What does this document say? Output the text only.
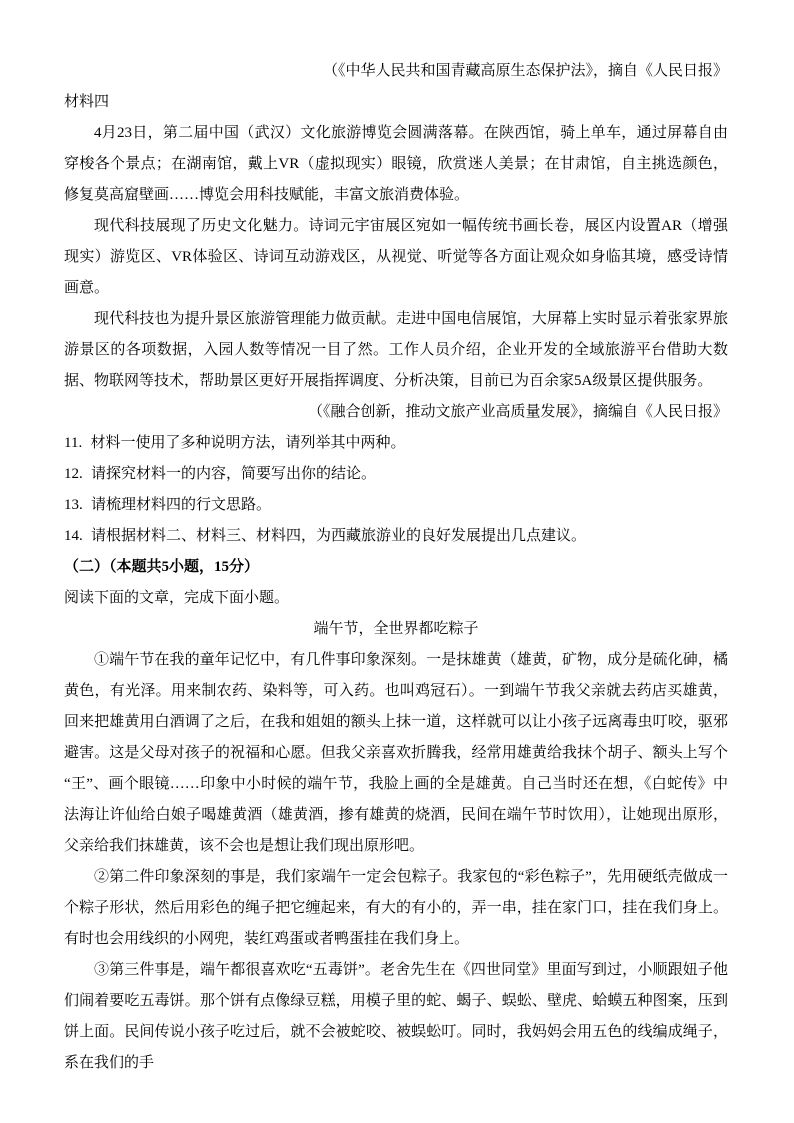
（《中华人民共和国青藏高原生态保护法》，摘自《人民日报》

材料四

4月23日，第二届中国（武汉）文化旅游博览会圆满落幕。在陕西馆，骑上单车，通过屏幕自由穿梭各个景点；在湖南馆，戴上VR（虚拟现实）眼镜，欣赏迷人美景；在甘肃馆，自主挑选颜色，修复莫高窟壁画……博览会用科技赋能，丰富文旅消费体验。

现代科技展现了历史文化魅力。诗词元宇宙展区宛如一幅传统书画长卷，展区内设置AR（增强现实）游览区、VR体验区、诗词互动游戏区，从视觉、听觉等各方面让观众如身临其境，感受诗情画意。

现代科技也为提升景区旅游管理能力做贡献。走进中国电信展馆，大屏幕上实时显示着张家界旅游景区的各项数据，入园人数等情况一目了然。工作人员介绍，企业开发的全域旅游平台借助大数据、物联网等技术，帮助景区更好开展指挥调度、分析决策，目前已为百余家5A级景区提供服务。

（《融合创新，推动文旅产业高质量发展》，摘编自《人民日报》

11. 材料一使用了多种说明方法，请列举其中两种。

12. 请探究材料一的内容，简要写出你的结论。

13. 请梳理材料四的行文思路。

14. 请根据材料二、材料三、材料四，为西藏旅游业的良好发展提出几点建议。

（二）（本题共5小题，15分）

阅读下面的文章，完成下面小题。

端午节，全世界都吃粽子

①端午节在我的童年记忆中，有几件事印象深刻。一是抹雄黄（雄黄，矿物，成分是硫化砷，橘黄色，有光泽。用来制农药、染料等，可入药。也叫鸡冠石）。一到端午节我父亲就去药店买雄黄，回来把雄黄用白酒调了之后，在我和姐姐的额头上抹一道，这样就可以让小孩子远离毒虫叮咬，驱邪避害。这是父母对孩子的祝福和心愿。但我父亲喜欢折腾我，经常用雄黄给我抹个胡子、额头上写个“王”、画个眼镜……印象中小时候的端午节，我脸上画的全是雄黄。自己当时还在想，《白蛇传》中法海让许仙给白娘子喝雄黄酒（雄黄酒，掺有雄黄的烧酒，民间在端午节时饮用），让她现出原形，父亲给我们抹雄黄，该不会也是想让我们现出原形吧。

②第二件印象深刻的事是，我们家端午一定会包粽子。我家包的“彩色粽子”，先用硬纸壳做成一个粽子形状，然后用彩色的绳子把它缠起来，有大的有小的，弄一串，挂在家门口，挂在我们身上。有时也会用线织的小网兜，装红鸡蛋或者鸭蛋挂在我们身上。

③第三件事是，端午都很喜欢吃“五毒饼”。老舍先生在《四世同堂》里面写到过，小顺跟妞子他们闹着要吃五毒饼。那个饼有点像绿豆糕，用模子里的蛇、蝎子、蜈蚣、壁虎、蛤蟆五种图案，压到饼上面。民间传说小孩子吃过后，就不会被蛇咬、被蜈蚣叮。同时，我妈妈会用五色的线编成绳子，系在我们的手
